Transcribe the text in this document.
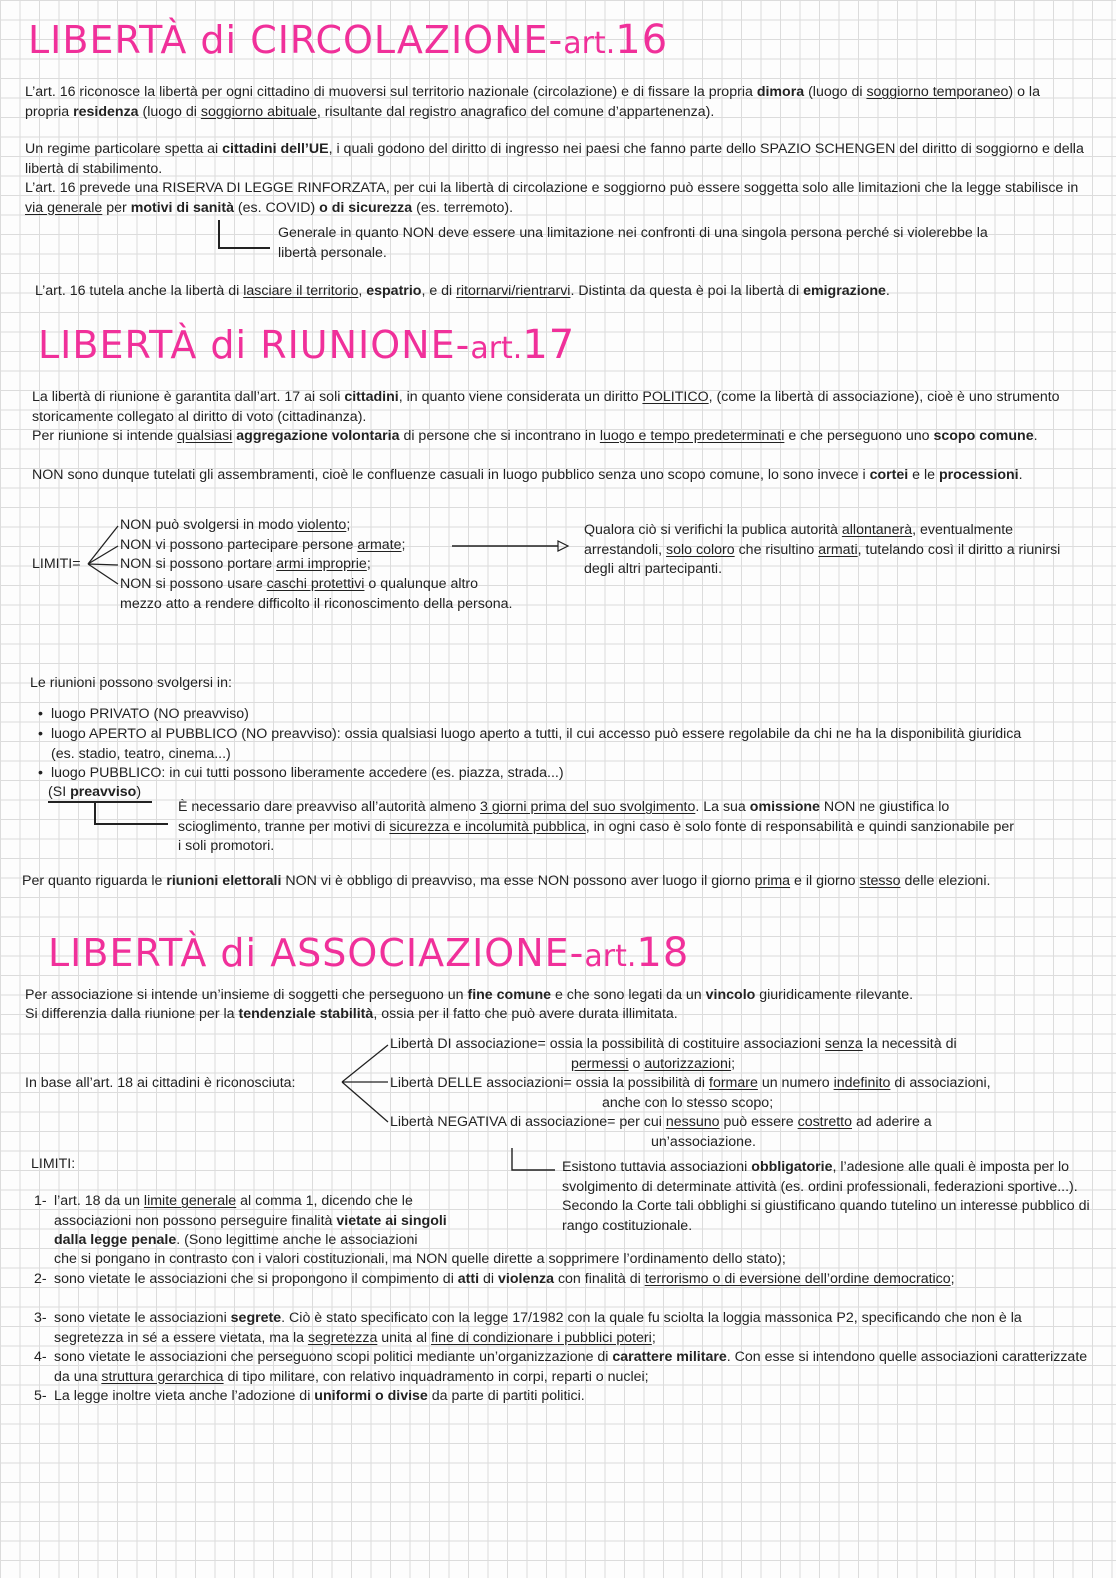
LIBERTÀ di CIRCOLAZIONE-art.16
L’art. 16 riconosce la libertà per ogni cittadino di muoversi sul territorio nazionale (circolazione) e di fissare la propria dimora (luogo di soggiorno temporaneo) o la propria residenza (luogo di soggiorno abituale, risultante dal registro anagrafico del comune d’appartenenza).
Un regime particolare spetta ai cittadini dell’UE, i quali godono del diritto di ingresso nei paesi che fanno parte dello SPAZIO SCHENGEN del diritto di soggiorno e della libertà di stabilimento.
L’art. 16 prevede una RISERVA DI LEGGE RINFORZATA, per cui la libertà di circolazione e soggiorno può essere soggetta solo alle limitazioni che la legge stabilisce in via generale per motivi di sanità (es. COVID) o di sicurezza (es. terremoto).
Generale in quanto NON deve essere una limitazione nei confronti di una singola persona perché si violerebbe la libertà personale.
L’art. 16 tutela anche la libertà di lasciare il territorio, espatrio, e di ritornarvi/rientrarvi. Distinta da questa è poi la libertà di emigrazione.
LIBERTÀ di RIUNIONE-art.17
La libertà di riunione è garantita dall’art. 17 ai soli cittadini, in quanto viene considerata un diritto POLITICO, (come la libertà di associazione), cioè è uno strumento storicamente collegato al diritto di voto (cittadinanza).
Per riunione si intende qualsiasi aggregazione volontaria di persone che si incontrano in luogo e tempo predeterminati e che perseguono uno scopo comune.
NON sono dunque tutelati gli assembramenti, cioè le confluenze casuali in luogo pubblico senza uno scopo comune, lo sono invece i cortei e le processioni.
LIMITI=
NON può svolgersi in modo violento;
NON vi possono partecipare persone armate;
NON si possono portare armi improprie;
NON si possono usare caschi protettivi o qualunque altro mezzo atto a rendere difficolto il riconoscimento della persona.
Qualora ciò si verifichi la publica autorità allontanerà, eventualmente arrestandoli, solo coloro che risultino armati, tutelando così il diritto a riunirsi degli altri partecipanti.
Le riunioni possono svolgersi in:
• luogo PRIVATO (NO preavviso)
• luogo APERTO al PUBBLICO (NO preavviso): ossia qualsiasi luogo aperto a tutti, il cui accesso può essere regolabile da chi ne ha la disponibilità giuridica (es. stadio, teatro, cinema...)
• luogo PUBBLICO: in cui tutti possono liberamente accedere (es. piazza, strada...)
(SI preavviso)
È necessario dare preavviso all’autorità almeno 3 giorni prima del suo svolgimento. La sua omissione NON ne giustifica lo scioglimento, tranne per motivi di sicurezza e incolumità pubblica, in ogni caso è solo fonte di responsabilità e quindi sanzionabile per i soli promotori.
Per quanto riguarda le riunioni elettorali NON vi è obbligo di preavviso, ma esse NON possono aver luogo il giorno prima e il giorno stesso delle elezioni.
LIBERTÀ di ASSOCIAZIONE-art.18
Per associazione si intende un’insieme di soggetti che perseguono un fine comune e che sono legati da un vincolo giuridicamente rilevante.
Si differenzia dalla riunione per la tendenziale stabilità, ossia per il fatto che può avere durata illimitata.
In base all’art. 18 ai cittadini è riconosciuta:
Libertà DI associazione= ossia la possibilità di costituire associazioni senza la necessità di
permessi o autorizzazioni;
Libertà DELLE associazioni= ossia la possibilità di formare un numero indefinito di associazioni,
anche con lo stesso scopo;
Libertà NEGATIVA di associazione= per cui nessuno può essere costretto ad aderire a
un’associazione.
Esistono tuttavia associazioni obbligatorie, l’adesione alle quali è imposta per lo svolgimento di determinate attività (es. ordini professionali, federazioni sportive...). Secondo la Corte tali obblighi si giustificano quando tutelino un interesse pubblico di rango costituzionale.
LIMITI:
1- l’art. 18 da un limite generale al comma 1, dicendo che le associazioni non possono perseguire finalità vietate ai singoli dalla legge penale. (Sono legittime anche le associazioni
che si pongano in contrasto con i valori costituzionali, ma NON quelle dirette a sopprimere l’ordinamento dello stato);
2- sono vietate le associazioni che si propongono il compimento di atti di violenza con finalità di terrorismo o di eversione dell’ordine democratico;
3- sono vietate le associazioni segrete. Ciò è stato specificato con la legge 17/1982 con la quale fu sciolta la loggia massonica P2, specificando che non è la segretezza in sé a essere vietata, ma la segretezza unita al fine di condizionare i pubblici poteri;
4- sono vietate le associazioni che perseguono scopi politici mediante un’organizzazione di carattere militare. Con esse si intendono quelle associazioni caratterizzate da una struttura gerarchica di tipo militare, con relativo inquadramento in corpi, reparti o nuclei;
5- La legge inoltre vieta anche l’adozione di uniformi o divise da parte di partiti politici.
